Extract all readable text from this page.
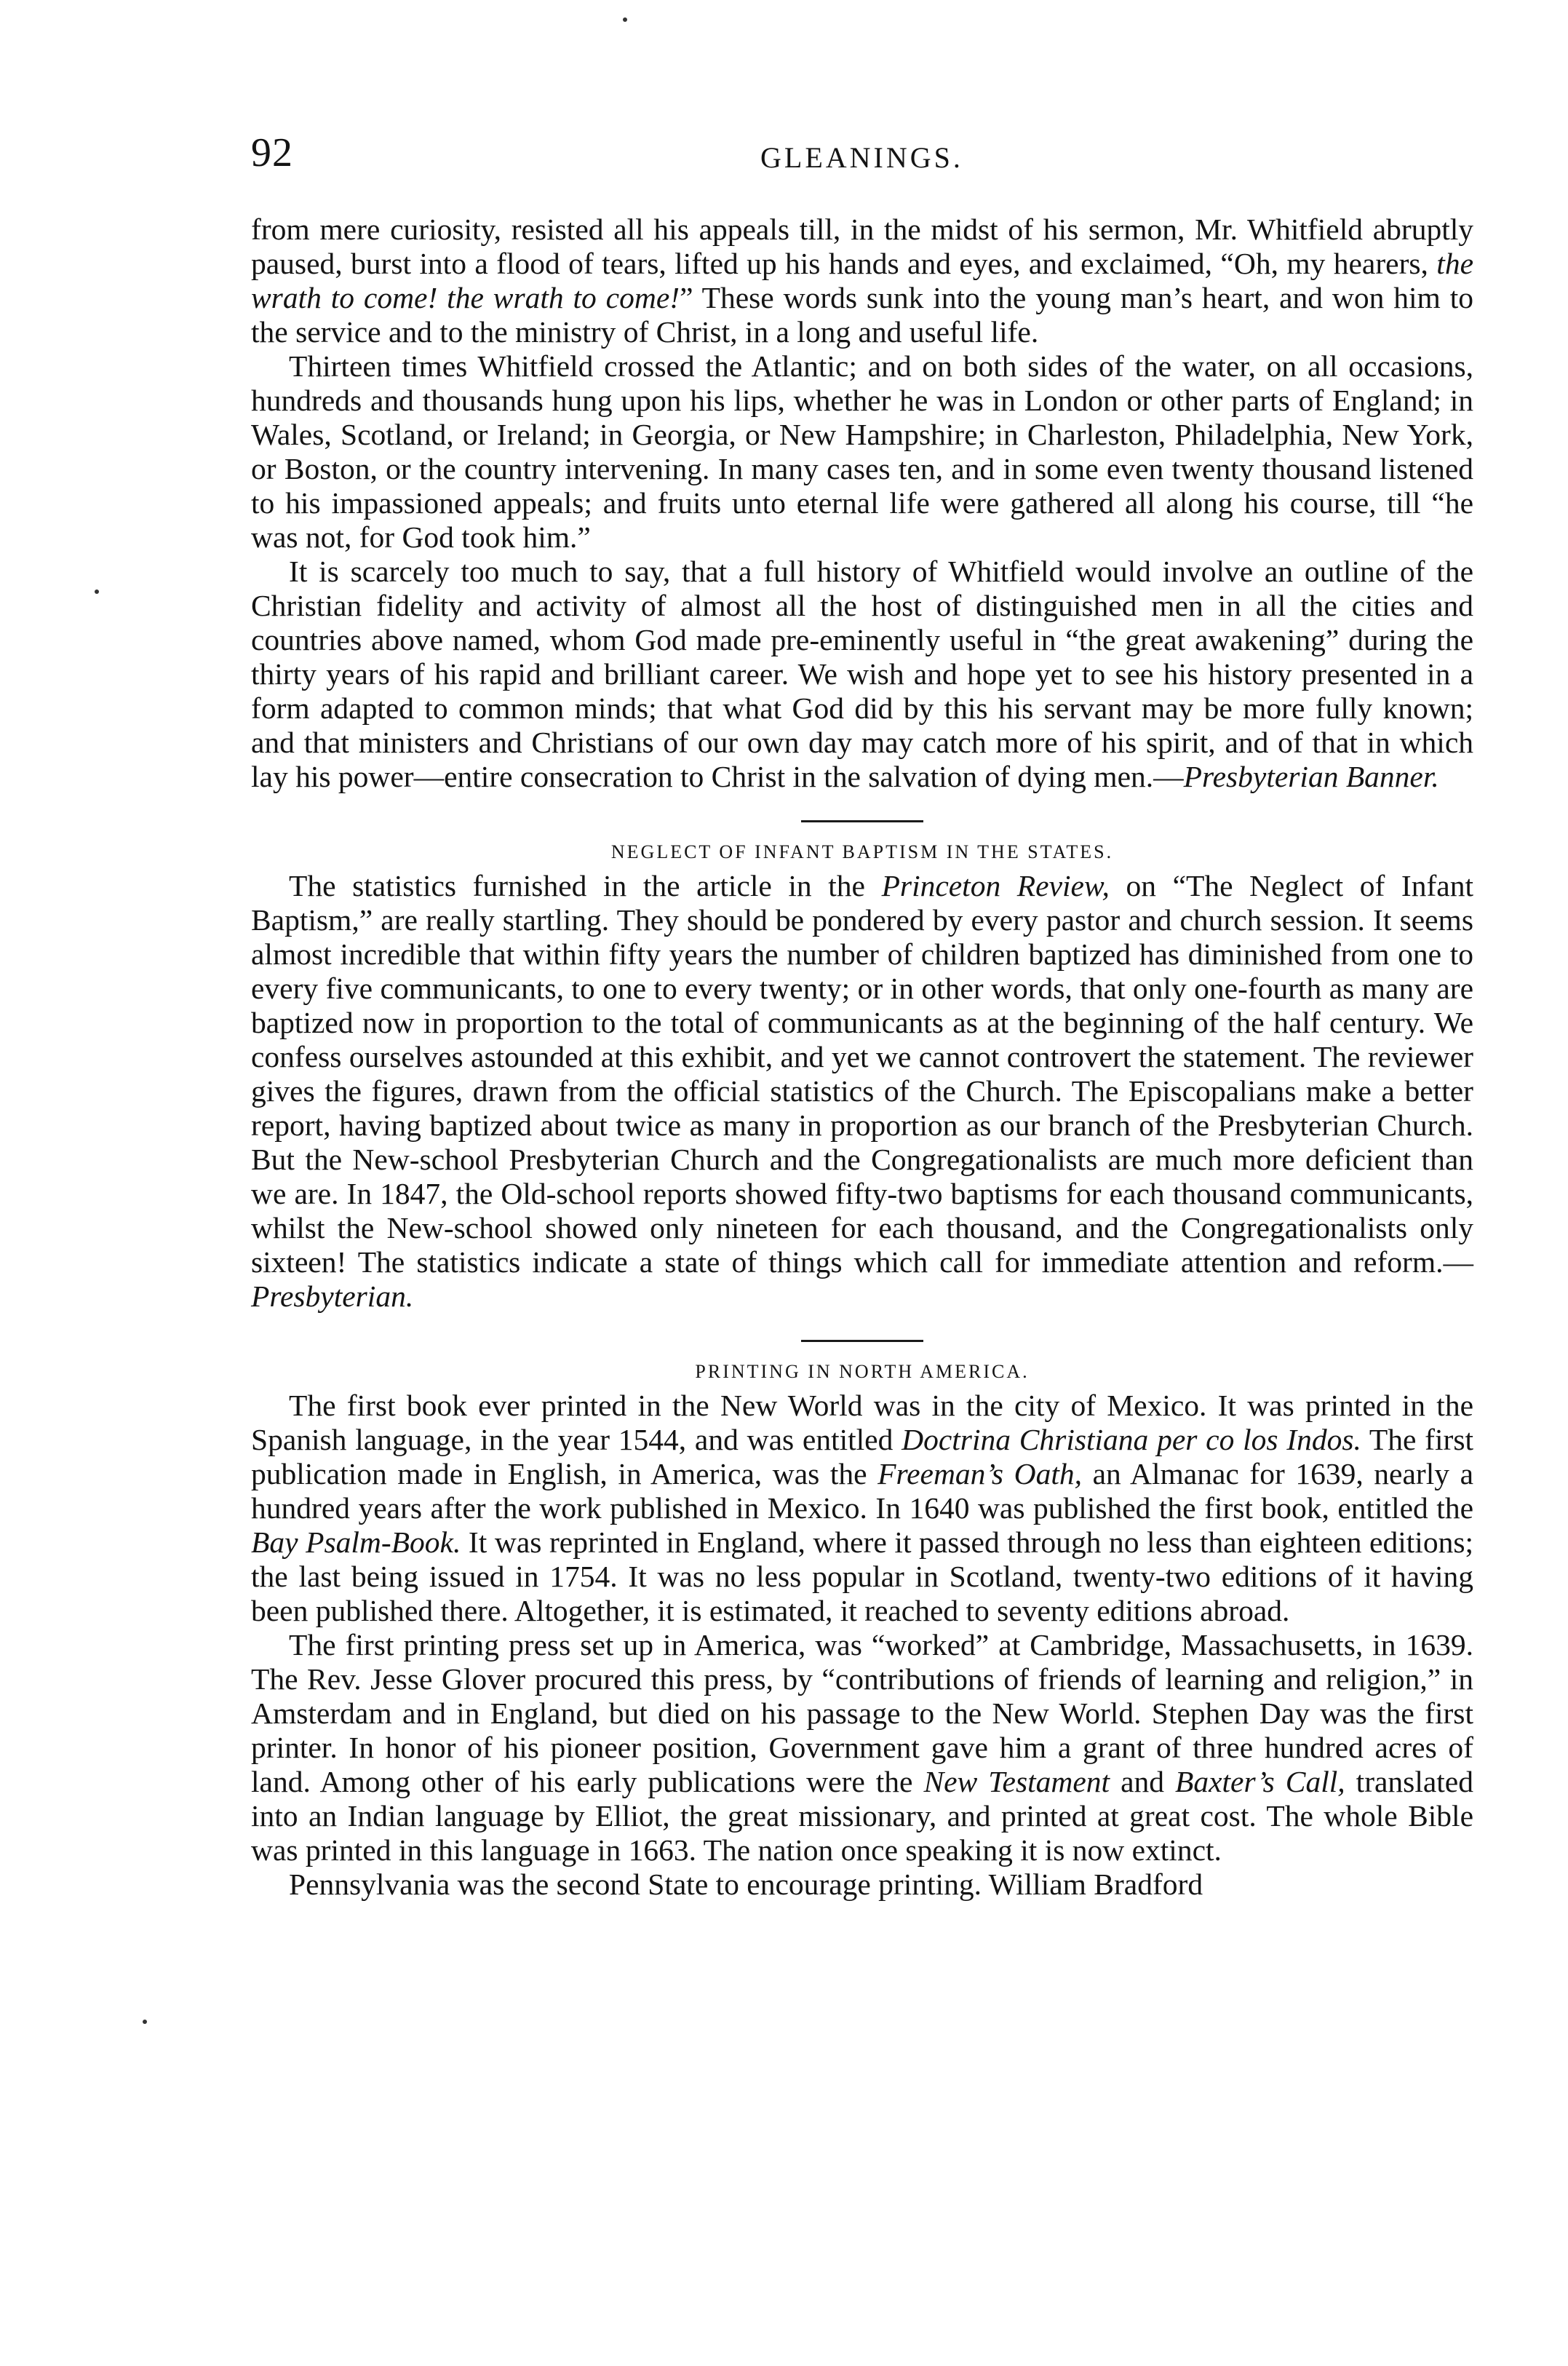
92	GLEANINGS.

from mere curiosity, resisted all his appeals till, in the midst of his sermon, Mr. Whitfield abruptly paused, burst into a flood of tears, lifted up his hands and eyes, and exclaimed, “Oh, my hearers, the wrath to come! the wrath to come!” These words sunk into the young man’s heart, and won him to the service and to the ministry of Christ, in a long and useful life.

Thirteen times Whitfield crossed the Atlantic; and on both sides of the water, on all occasions, hundreds and thousands hung upon his lips, whether he was in London or other parts of England; in Wales, Scotland, or Ireland; in Georgia, or New Hampshire; in Charleston, Philadelphia, New York, or Boston, or the country intervening. In many cases ten, and in some even twenty thousand listened to his impassioned appeals; and fruits unto eternal life were gathered all along his course, till “he was not, for God took him.”

It is scarcely too much to say, that a full history of Whitfield would involve an outline of the Christian fidelity and activity of almost all the host of distinguished men in all the cities and countries above named, whom God made pre-eminently useful in “the great awakening” during the thirty years of his rapid and brilliant career. We wish and hope yet to see his history presented in a form adapted to common minds; that what God did by this his servant may be more fully known; and that ministers and Christians of our own day may catch more of his spirit, and of that in which lay his power—entire consecration to Christ in the salvation of dying men.—Presbyterian Banner.

NEGLECT OF INFANT BAPTISM IN THE STATES.

The statistics furnished in the article in the Princeton Review, on “The Neglect of Infant Baptism,” are really startling. They should be pondered by every pastor and church session. It seems almost incredible that within fifty years the number of children baptized has diminished from one to every five communicants, to one to every twenty; or in other words, that only one-fourth as many are baptized now in proportion to the total of communicants as at the beginning of the half century. We confess ourselves astounded at this exhibit, and yet we cannot controvert the statement. The reviewer gives the figures, drawn from the official statistics of the Church. The Episcopalians make a better report, having baptized about twice as many in proportion as our branch of the Presbyterian Church. But the New-school Presbyterian Church and the Congregationalists are much more deficient than we are. In 1847, the Old-school reports showed fifty-two baptisms for each thousand communicants, whilst the New-school showed only nineteen for each thousand, and the Congregationalists only sixteen! The statistics indicate a state of things which call for immediate attention and reform.—Presbyterian.

PRINTING IN NORTH AMERICA.

The first book ever printed in the New World was in the city of Mexico. It was printed in the Spanish language, in the year 1544, and was entitled Doctrina Christiana per co los Indos. The first publication made in English, in America, was the Freeman’s Oath, an Almanac for 1639, nearly a hundred years after the work published in Mexico. In 1640 was published the first book, entitled the Bay Psalm-Book. It was reprinted in England, where it passed through no less than eighteen editions; the last being issued in 1754. It was no less popular in Scotland, twenty-two editions of it having been published there. Altogether, it is estimated, it reached to seventy editions abroad.

The first printing press set up in America, was “worked” at Cambridge, Massachusetts, in 1639. The Rev. Jesse Glover procured this press, by “contributions of friends of learning and religion,” in Amsterdam and in England, but died on his passage to the New World. Stephen Day was the first printer. In honor of his pioneer position, Government gave him a grant of three hundred acres of land. Among other of his early publications were the New Testament and Baxter’s Call, translated into an Indian language by Elliot, the great missionary, and printed at great cost. The whole Bible was printed in this language in 1663. The nation once speaking it is now extinct.

Pennsylvania was the second State to encourage printing. William Bradford
